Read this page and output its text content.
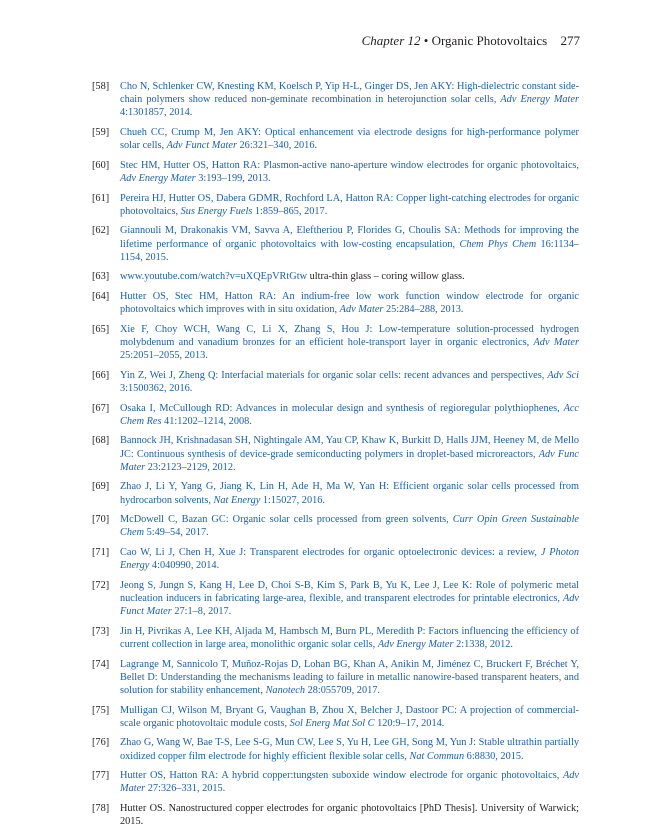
Chapter 12 • Organic Photovoltaics 277
[58] Cho N, Schlenker CW, Knesting KM, Koelsch P, Yip H-L, Ginger DS, Jen AKY: High-dielectric constant side-chain polymers show reduced non-geminate recombination in heterojunction solar cells, Adv Energy Mater 4:1301857, 2014.
[59] Chueh CC, Crump M, Jen AKY: Optical enhancement via electrode designs for high-performance polymer solar cells, Adv Funct Mater 26:321–340, 2016.
[60] Stec HM, Hutter OS, Hatton RA: Plasmon-active nano-aperture window electrodes for organic photovoltaics, Adv Energy Mater 3:193–199, 2013.
[61] Pereira HJ, Hutter OS, Dabera GDMR, Rochford LA, Hatton RA: Copper light-catching electrodes for organic photovoltaics, Sus Energy Fuels 1:859–865, 2017.
[62] Giannouli M, Drakonakis VM, Savva A, Eleftheriou P, Florides G, Choulis SA: Methods for improving the lifetime performance of organic photovoltaics with low-costing encapsulation, Chem Phys Chem 16:1134–1154, 2015.
[63] www.youtube.com/watch?v=uXQEpVRtGtw ultra-thin glass – coring willow glass.
[64] Hutter OS, Stec HM, Hatton RA: An indium-free low work function window electrode for organic photovoltaics which improves with in situ oxidation, Adv Mater 25:284–288, 2013.
[65] Xie F, Choy WCH, Wang C, Li X, Zhang S, Hou J: Low-temperature solution-processed hydrogen molybdenum and vanadium bronzes for an efficient hole-transport layer in organic electronics, Adv Mater 25:2051–2055, 2013.
[66] Yin Z, Wei J, Zheng Q: Interfacial materials for organic solar cells: recent advances and perspectives, Adv Sci 3:1500362, 2016.
[67] Osaka I, McCullough RD: Advances in molecular design and synthesis of regioregular polythiophenes, Acc Chem Res 41:1202–1214, 2008.
[68] Bannock JH, Krishnadasan SH, Nightingale AM, Yau CP, Khaw K, Burkitt D, Halls JJM, Heeney M, de Mello JC: Continuous synthesis of device-grade semiconducting polymers in droplet-based microreactors, Adv Func Mater 23:2123–2129, 2012.
[69] Zhao J, Li Y, Yang G, Jiang K, Lin H, Ade H, Ma W, Yan H: Efficient organic solar cells processed from hydrocarbon solvents, Nat Energy 1:15027, 2016.
[70] McDowell C, Bazan GC: Organic solar cells processed from green solvents, Curr Opin Green Sustainable Chem 5:49–54, 2017.
[71] Cao W, Li J, Chen H, Xue J: Transparent electrodes for organic optoelectronic devices: a review, J Photon Energy 4:040990, 2014.
[72] Jeong S, Jungn S, Kang H, Lee D, Choi S-B, Kim S, Park B, Yu K, Lee J, Lee K: Role of polymeric metal nucleation inducers in fabricating large-area, flexible, and transparent electrodes for printable electronics, Adv Funct Mater 27:1–8, 2017.
[73] Jin H, Pivrikas A, Lee KH, Aljada M, Hambsch M, Burn PL, Meredith P: Factors influencing the efficiency of current collection in large area, monolithic organic solar cells, Adv Energy Mater 2:1338, 2012.
[74] Lagrange M, Sannicolo T, Muñoz-Rojas D, Lohan BG, Khan A, Anikin M, Jiménez C, Bruckert F, Bréchet Y, Bellet D: Understanding the mechanisms leading to failure in metallic nanowire-based transparent heaters, and solution for stability enhancement, Nanotech 28:055709, 2017.
[75] Mulligan CJ, Wilson M, Bryant G, Vaughan B, Zhou X, Belcher J, Dastoor PC: A projection of commercial-scale organic photovoltaic module costs, Sol Energ Mat Sol C 120:9–17, 2014.
[76] Zhao G, Wang W, Bae T-S, Lee S-G, Mun CW, Lee S, Yu H, Lee GH, Song M, Yun J: Stable ultrathin partially oxidized copper film electrode for highly efficient flexible solar cells, Nat Commun 6:8830, 2015.
[77] Hutter OS, Hatton RA: A hybrid copper:tungsten suboxide window electrode for organic photovoltaics, Adv Mater 27:326–331, 2015.
[78] Hutter OS. Nanostructured copper electrodes for organic photovoltaics [PhD Thesis]. University of Warwick; 2015.
